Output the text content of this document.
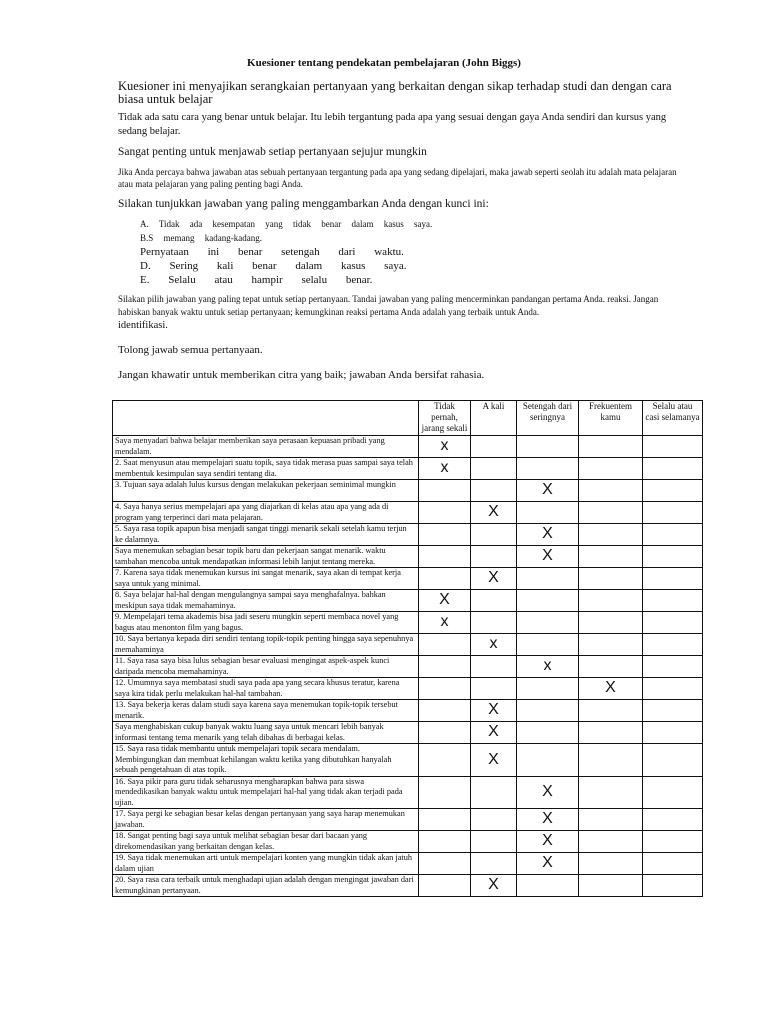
Kuesioner tentang pendekatan pembelajaran (John Biggs)
Kuesioner ini menyajikan serangkaian pertanyaan yang berkaitan dengan sikap terhadap studi dan dengan cara biasa untuk belajar
Tidak ada satu cara yang benar untuk belajar. Itu lebih tergantung pada apa yang sesuai dengan gaya Anda sendiri dan kursus yang sedang belajar.
Sangat penting untuk menjawab setiap pertanyaan sejujur mungkin
Jika Anda percaya bahwa jawaban atas sebuah pertanyaan tergantung pada apa yang sedang dipelajari, maka jawab seperti seolah itu adalah mata pelajaran atau mata pelajaran yang paling penting bagi Anda.
Silakan tunjukkan jawaban yang paling menggambarkan Anda dengan kunci ini:
A. Tidak ada kesempatan yang tidak benar dalam kasus saya.
B.S memang kadang-kadang.
Pernyataan ini benar setengah dari waktu.
D. Sering kali benar dalam kasus saya.
E. Selalu atau hampir selalu benar.
Silakan pilih jawaban yang paling tepat untuk setiap pertanyaan. Tandai jawaban yang paling mencerminkan pandangan pertama Anda. reaksi. Jangan habiskan banyak waktu untuk setiap pertanyaan; kemungkinan reaksi pertama Anda adalah yang terbaik untuk Anda.
identifikasi.
Tolong jawab semua pertanyaan.
Jangan khawatir untuk memberikan citra yang baik; jawaban Anda bersifat rahasia.
	Tidak pernah, jarang sekali	A kali	Setengah dari seringnya	Frekuentem kamu	Selalu atau casi selamanya
Saya menyadari bahwa belajar memberikan saya perasaan kepuasan pribadi yang mendalam.	x				
2. Saat menyusun atau mempelajari suatu topik, saya tidak merasa puas sampai saya telah membentuk kesimpulan saya sendiri tentang dia.	x				
3. Tujuan saya adalah lulus kursus dengan melakukan pekerjaan seminimal mungkin			X		
4. Saya hanya serius mempelajari apa yang diajarkan di kelas atau apa yang ada di program yang terperinci dari mata pelajaran.		X			
5. Saya rasa topik apapun bisa menjadi sangat tinggi menarik sekali setelah kamu terjun ke dalamnya.			X		
Saya menemukan sebagian besar topik baru dan pekerjaan sangat menarik. waktu tambahan mencoba untuk mendapatkan informasi lebih lanjut tentang mereka.			X		
7. Karena saya tidak menemukan kursus ini sangat menarik, saya akan di tempat kerja saya untuk yang minimal.		X			
8. Saya belajar hal-hal dengan mengulangnya sampai saya menghafalnya. bahkan meskipun saya tidak memahaminya.	X				
9. Mempelajari tema akademis bisa jadi seseru mungkin seperti membaca novel yang bagus atau menonton film yang bagus.	x				
10. Saya bertanya kepada diri sendiri tentang topik-topik penting hingga saya sepenuhnya memahaminya		x			
11. Saya rasa saya bisa lulus sebagian besar evaluasi mengingat aspek-aspek kunci daripada mencoba memahaminya.			x		
12. Umumnya saya membatasi studi saya pada apa yang secara khusus teratur, karena saya kira tidak perlu melakukan hal-hal tambahan.				X	
13. Saya bekerja keras dalam studi saya karena saya menemukan topik-topik tersebut menarik.		X			
Saya menghabiskan cukup banyak waktu luang saya untuk mencari lebih banyak informasi tentang tema menarik yang telah dibahas di berbagai kelas.		X			
15. Saya rasa tidak membantu untuk mempelajari topik secara mendalam. Membingungkan dan membuat kehilangan waktu ketika yang dibutuhkan hanyalah sebuah pengetahuan di atas topik.		X			
16. Saya pikir para guru tidak seharusnya mengharapkan bahwa para siswa mendedikasikan banyak waktu untuk mempelajari hal-hal yang tidak akan terjadi pada ujian.			X		
17. Saya pergi ke sebagian besar kelas dengan pertanyaan yang saya harap menemukan jawaban.			X		
18. Sangat penting bagi saya untuk melihat sebagian besar dari bacaan yang direkomendasikan yang berkaitan dengan kelas.			X		
19. Saya tidak menemukan arti untuk mempelajari konten yang mungkin tidak akan jatuh dalam ujian			X		
20. Saya rasa cara terbaik untuk menghadapi ujian adalah dengan mengingat jawaban dari kemungkinan pertanyaan.		X			
